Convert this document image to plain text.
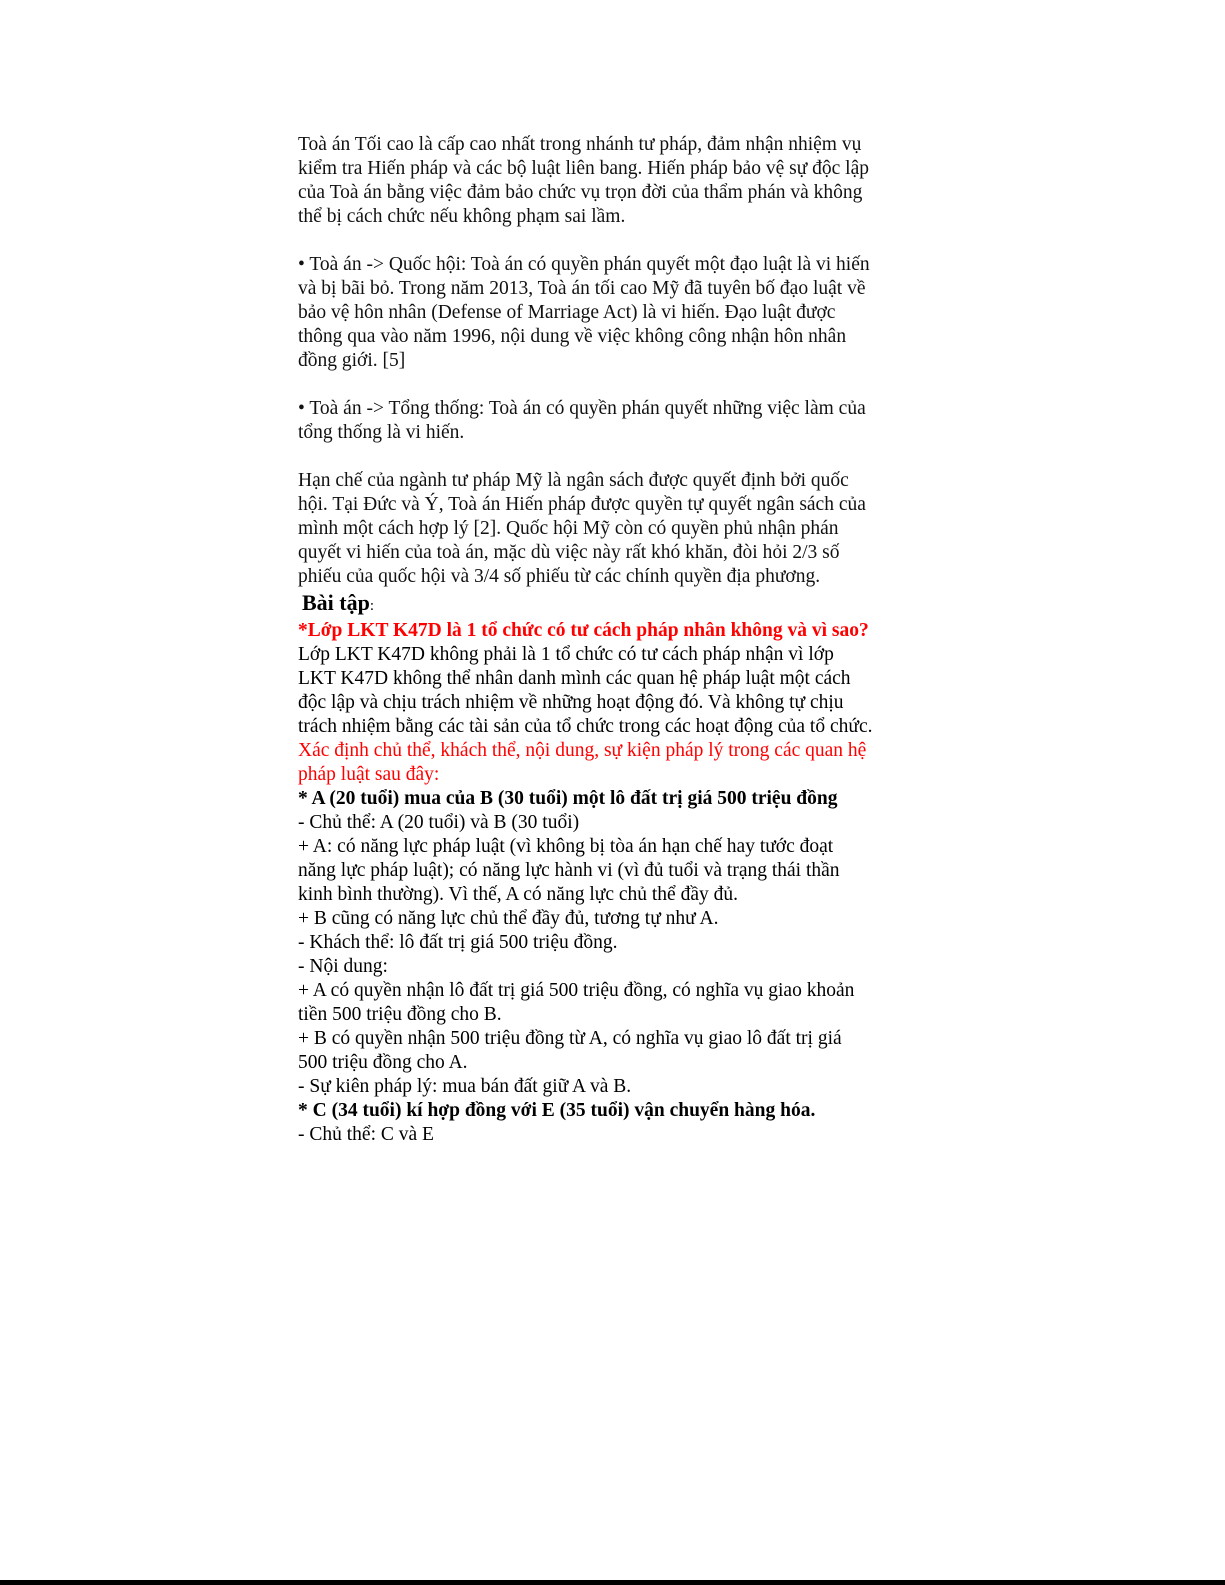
Toà án Tối cao là cấp cao nhất trong nhánh tư pháp, đảm nhận nhiệm vụ
kiểm tra Hiến pháp và các bộ luật liên bang. Hiến pháp bảo vệ sự độc lập
của Toà án bằng việc đảm bảo chức vụ trọn đời của thẩm phán và không
thể bị cách chức nếu không phạm sai lầm.

• Toà án -> Quốc hội: Toà án có quyền phán quyết một đạo luật là vi hiến
và bị bãi bỏ. Trong năm 2013, Toà án tối cao Mỹ đã tuyên bố đạo luật về
bảo vệ hôn nhân (Defense of Marriage Act) là vi hiến. Đạo luật được
thông qua vào năm 1996, nội dung về việc không công nhận hôn nhân
đồng giới. [5]

• Toà án -> Tổng thống: Toà án có quyền phán quyết những việc làm của
tổng thống là vi hiến.

Hạn chế của ngành tư pháp Mỹ là ngân sách được quyết định bởi quốc
hội. Tại Đức và Ý, Toà án Hiến pháp được quyền tự quyết ngân sách của
mình một cách hợp lý [2]. Quốc hội Mỹ còn có quyền phủ nhận phán
quyết vi hiến của toà án, mặc dù việc này rất khó khăn, đòi hỏi 2/3 số
phiếu của quốc hội và 3/4 số phiếu từ các chính quyền địa phương.

Bài tập:

*Lớp LKT K47D là 1 tổ chức có tư cách pháp nhân không và vì sao?

Lớp LKT K47D không phải là 1 tổ chức có tư cách pháp nhận vì lớp
LKT K47D không thể nhân danh mình các quan hệ pháp luật một cách
độc lập và chịu trách nhiệm về những hoạt động đó. Và không tự chịu
trách nhiệm bằng các tài sản của tổ chức trong các hoạt động của tổ chức.

Xác định chủ thể, khách thể, nội dung, sự kiện pháp lý trong các quan hệ
pháp luật sau đây:

* A (20 tuổi) mua của B (30 tuổi) một lô đất trị giá 500 triệu đồng

- Chủ thể: A (20 tuổi) và B (30 tuổi)

+ A: có năng lực pháp luật (vì không bị tòa án hạn chế hay tước đoạt
năng lực pháp luật); có năng lực hành vi (vì đủ tuổi và trạng thái thần
kinh bình thường). Vì thế, A có năng lực chủ thể đầy đủ.

+ B cũng có năng lực chủ thể đầy đủ, tương tự như A.

- Khách thể: lô đất trị giá 500 triệu đồng.

- Nội dung:

+ A có quyền nhận lô đất trị giá 500 triệu đồng, có nghĩa vụ giao khoản
tiền 500 triệu đồng cho B.

+ B có quyền nhận 500 triệu đồng từ A, có nghĩa vụ giao lô đất trị giá
500 triệu đồng cho A.

- Sự kiên pháp lý: mua bán đất giữ A và B.

* C (34 tuổi) kí hợp đồng với E (35 tuổi) vận chuyển hàng hóa.

- Chủ thể: C và E
